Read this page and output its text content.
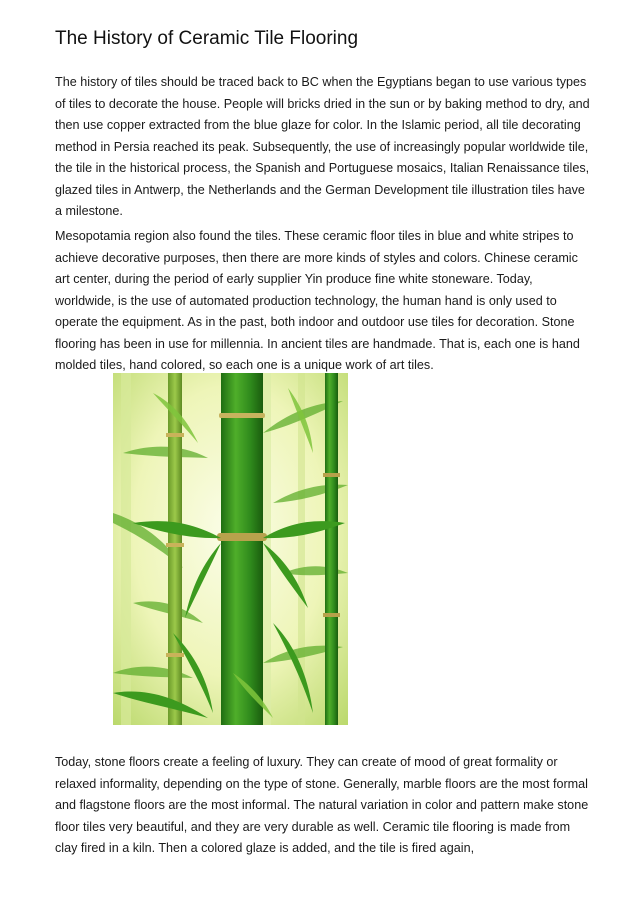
The History of Ceramic Tile Flooring

The history of tiles should be traced back to BC when the Egyptians began to use various types of tiles to decorate the house. People will bricks dried in the sun or by baking method to dry, and then use copper extracted from the blue glaze for color. In the Islamic period, all tile decorating method in Persia reached its peak. Subsequently, the use of increasingly popular worldwide tile, the tile in the historical process, the Spanish and Portuguese mosaics, Italian Renaissance tiles, glazed tiles in Antwerp, the Netherlands and the German Development tile illustration tiles have a milestone.

Mesopotamia region also found the tiles. These ceramic floor tiles in blue and white stripes to achieve decorative purposes, then there are more kinds of styles and colors. Chinese ceramic art center, during the period of early supplier Yin produce fine white stoneware. Today, worldwide, is the use of automated production technology, the human hand is only used to operate the equipment. As in the past, both indoor and outdoor use tiles for decoration. Stone flooring has been in use for millennia. In ancient tiles are handmade. That is, each one is hand molded tiles, hand colored, so each one is a unique work of art tiles.

Today, stone floors create a feeling of luxury. They can create of mood of great formality or relaxed informality, depending on the type of stone. Generally, marble floors are the most formal and flagstone floors are the most informal. The natural variation in color and pattern make stone floor tiles very beautiful, and they are very durable as well. Ceramic tile flooring is made from clay fired in a kiln. Then a colored glaze is added, and the tile is fired again,
